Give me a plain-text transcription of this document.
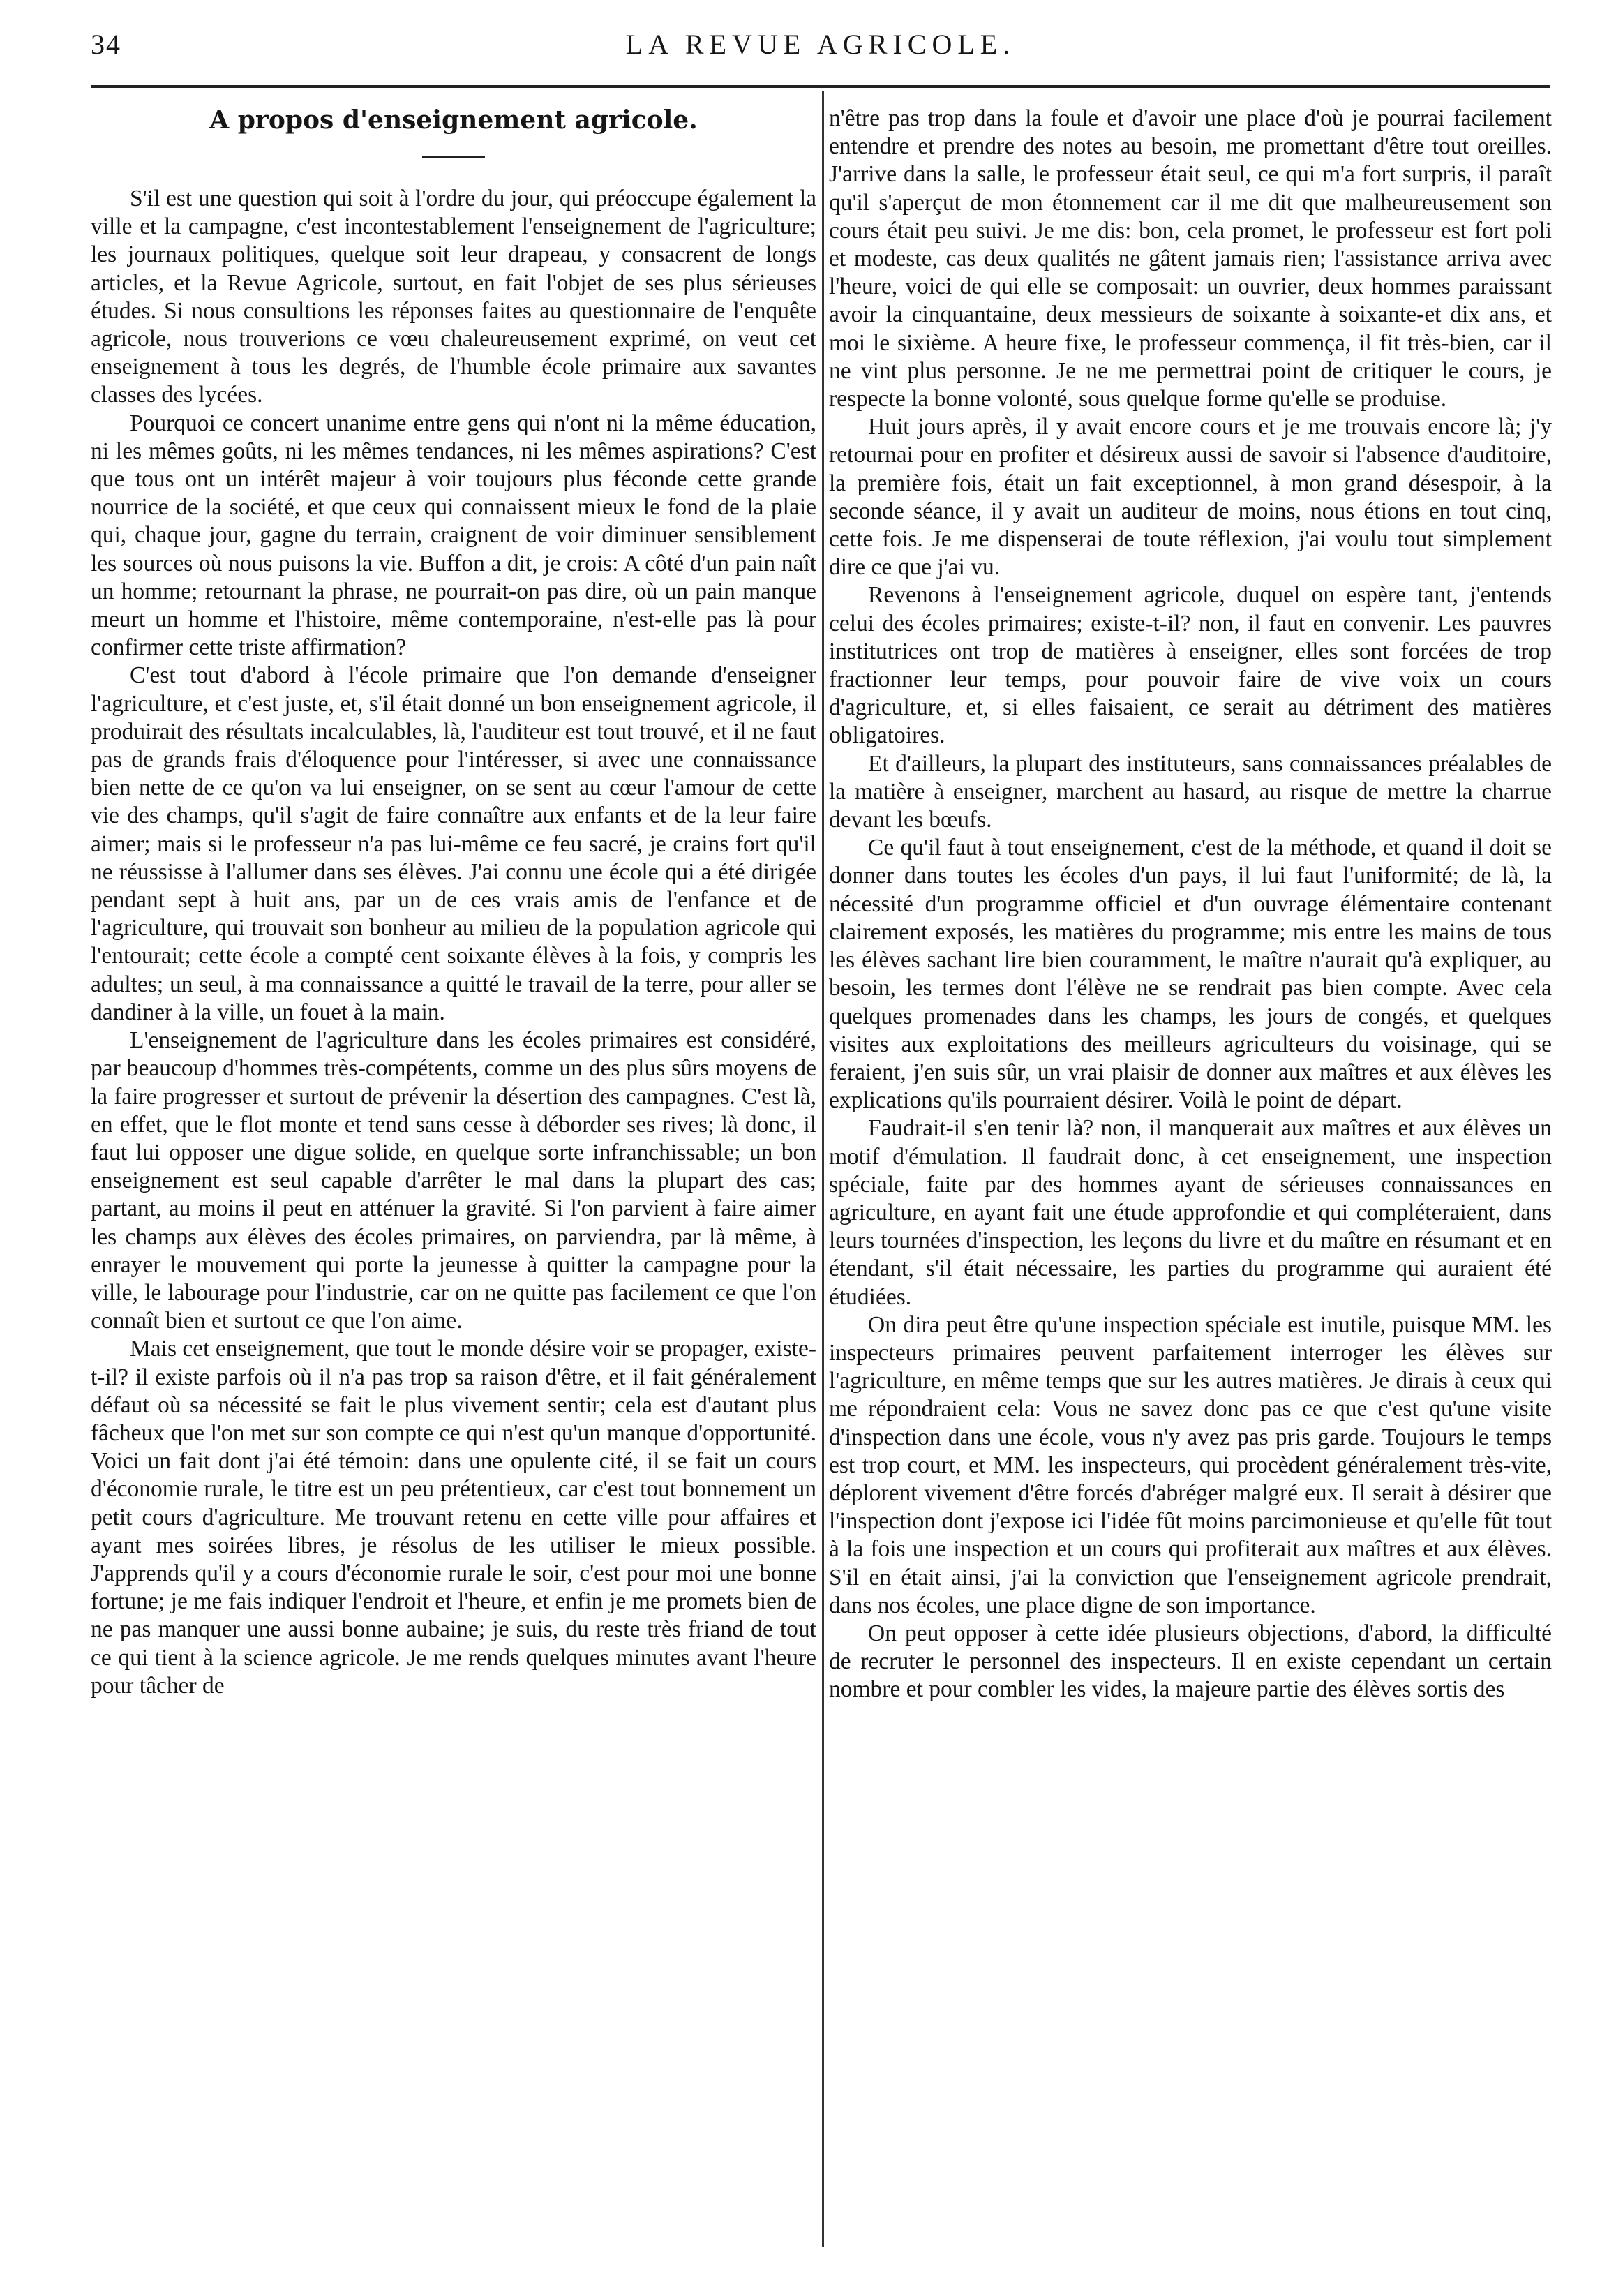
34	LA REVUE AGRICOLE.
A propos d'enseignement agricole.

S'il est une question qui soit à l'ordre du jour, qui préoccupe également la ville et la campagne, c'est incontestablement l'enseignement de l'agriculture; les journaux politiques, quelque soit leur drapeau, y consacrent de longs articles, et la Revue Agricole, surtout, en fait l'objet de ses plus sérieuses études. Si nous consultions les réponses faites au questionnaire de l'enquête agricole, nous trouverions ce vœu chaleureusement exprimé, on veut cet enseignement à tous les degrés, de l'humble école primaire aux savantes classes des lycées.

Pourquoi ce concert unanime entre gens qui n'ont ni la même éducation, ni les mêmes goûts, ni les mêmes tendances, ni les mêmes aspirations? C'est que tous ont un intérêt majeur à voir toujours plus féconde cette grande nourrice de la société, et que ceux qui connaissent mieux le fond de la plaie qui, chaque jour, gagne du terrain, craignent de voir diminuer sensiblement les sources où nous puisons la vie. Buffon a dit, je crois: A côté d'un pain naît un homme; retournant la phrase, ne pourrait-on pas dire, où un pain manque meurt un homme et l'histoire, même contemporaine, n'est-elle pas là pour confirmer cette triste affirmation?

C'est tout d'abord à l'école primaire que l'on demande d'enseigner l'agriculture, et c'est juste, et, s'il était donné un bon enseignement agricole, il produirait des résultats incalculables, là, l'auditeur est tout trouvé, et il ne faut pas de grands frais d'éloquence pour l'intéresser, si avec une connaissance bien nette de ce qu'on va lui enseigner, on se sent au cœur l'amour de cette vie des champs, qu'il s'agit de faire connaître aux enfants et de la leur faire aimer; mais si le professeur n'a pas lui-même ce feu sacré, je crains fort qu'il ne réussisse à l'allumer dans ses élèves. J'ai connu une école qui a été dirigée pendant sept à huit ans, par un de ces vrais amis de l'enfance et de l'agriculture, qui trouvait son bonheur au milieu de la population agricole qui l'entourait; cette école a compté cent soixante élèves à la fois, y compris les adultes; un seul, à ma connaissance a quitté le travail de la terre, pour aller se dandiner à la ville, un fouet à la main.

L'enseignement de l'agriculture dans les écoles primaires est considéré, par beaucoup d'hommes très-compétents, comme un des plus sûrs moyens de la faire progresser et surtout de prévenir la désertion des campagnes. C'est là, en effet, que le flot monte et tend sans cesse à déborder ses rives; là donc, il faut lui opposer une digue solide, en quelque sorte infranchissable; un bon enseignement est seul capable d'arrêter le mal dans la plupart des cas; partant, au moins il peut en atténuer la gravité. Si l'on parvient à faire aimer les champs aux élèves des écoles primaires, on parviendra, par là même, à enrayer le mouvement qui porte la jeunesse à quitter la campagne pour la ville, le labourage pour l'industrie, car on ne quitte pas facilement ce que l'on connaît bien et surtout ce que l'on aime.

Mais cet enseignement, que tout le monde désire voir se propager, existe-t-il? il existe parfois où il n'a pas trop sa raison d'être, et il fait généralement défaut où sa nécessité se fait le plus vivement sentir; cela est d'autant plus fâcheux que l'on met sur son compte ce qui n'est qu'un manque d'opportunité. Voici un fait dont j'ai été témoin: dans une opulente cité, il se fait un cours d'économie rurale, le titre est un peu prétentieux, car c'est tout bonnement un petit cours d'agriculture. Me trouvant retenu en cette ville pour affaires et ayant mes soirées libres, je résolus de les utiliser le mieux possible. J'apprends qu'il y a cours d'économie rurale le soir, c'est pour moi une bonne fortune; je me fais indiquer l'endroit et l'heure, et enfin je me promets bien de ne pas manquer une aussi bonne aubaine; je suis, du reste très friand de tout ce qui tient à la science agricole. Je me rends quelques minutes avant l'heure pour tâcher de

n'être pas trop dans la foule et d'avoir une place d'où je pourrai facilement entendre et prendre des notes au besoin, me promettant d'être tout oreilles. J'arrive dans la salle, le professeur était seul, ce qui m'a fort surpris, il paraît qu'il s'aperçut de mon étonnement car il me dit que malheureusement son cours était peu suivi. Je me dis: bon, cela promet, le professeur est fort poli et modeste, cas deux qualités ne gâtent jamais rien; l'assistance arriva avec l'heure, voici de qui elle se composait: un ouvrier, deux hommes paraissant avoir la cinquantaine, deux messieurs de soixante à soixante-et dix ans, et moi le sixième. A heure fixe, le professeur commença, il fit très-bien, car il ne vint plus personne. Je ne me permettrai point de critiquer le cours, je respecte la bonne volonté, sous quelque forme qu'elle se produise.

Huit jours après, il y avait encore cours et je me trouvais encore là; j'y retournai pour en profiter et désireux aussi de savoir si l'absence d'auditoire, la première fois, était un fait exceptionnel, à mon grand désespoir, à la seconde séance, il y avait un auditeur de moins, nous étions en tout cinq, cette fois. Je me dispenserai de toute réflexion, j'ai voulu tout simplement dire ce que j'ai vu.

Revenons à l'enseignement agricole, duquel on espère tant, j'entends celui des écoles primaires; existe-t-il? non, il faut en convenir. Les pauvres institutrices ont trop de matières à enseigner, elles sont forcées de trop fractionner leur temps, pour pouvoir faire de vive voix un cours d'agriculture, et, si elles faisaient, ce serait au détriment des matières obligatoires.

Et d'ailleurs, la plupart des instituteurs, sans connaissances préalables de la matière à enseigner, marchent au hasard, au risque de mettre la charrue devant les bœufs.

Ce qu'il faut à tout enseignement, c'est de la méthode, et quand il doit se donner dans toutes les écoles d'un pays, il lui faut l'uniformité; de là, la nécessité d'un programme officiel et d'un ouvrage élémentaire contenant clairement exposés, les matières du programme; mis entre les mains de tous les élèves sachant lire bien couramment, le maître n'aurait qu'à expliquer, au besoin, les termes dont l'élève ne se rendrait pas bien compte. Avec cela quelques promenades dans les champs, les jours de congés, et quelques visites aux exploitations des meilleurs agriculteurs du voisinage, qui se feraient, j'en suis sûr, un vrai plaisir de donner aux maîtres et aux élèves les explications qu'ils pourraient désirer. Voilà le point de départ.

Faudrait-il s'en tenir là? non, il manquerait aux maîtres et aux élèves un motif d'émulation. Il faudrait donc, à cet enseignement, une inspection spéciale, faite par des hommes ayant de sérieuses connaissances en agriculture, en ayant fait une étude approfondie et qui compléteraient, dans leurs tournées d'inspection, les leçons du livre et du maître en résumant et en étendant, s'il était nécessaire, les parties du programme qui auraient été étudiées.

On dira peut être qu'une inspection spéciale est inutile, puisque MM. les inspecteurs primaires peuvent parfaitement interroger les élèves sur l'agriculture, en même temps que sur les autres matières. Je dirais à ceux qui me répondraient cela: Vous ne savez donc pas ce que c'est qu'une visite d'inspection dans une école, vous n'y avez pas pris garde. Toujours le temps est trop court, et MM. les inspecteurs, qui procèdent généralement très-vite, déplorent vivement d'être forcés d'abréger malgré eux. Il serait à désirer que l'inspection dont j'expose ici l'idée fût moins parcimonieuse et qu'elle fût tout à la fois une inspection et un cours qui profiterait aux maîtres et aux élèves. S'il en était ainsi, j'ai la conviction que l'enseignement agricole prendrait, dans nos écoles, une place digne de son importance.

On peut opposer à cette idée plusieurs objections, d'abord, la difficulté de recruter le personnel des inspecteurs. Il en existe cependant un certain nombre et pour combler les vides, la majeure partie des élèves sortis des
